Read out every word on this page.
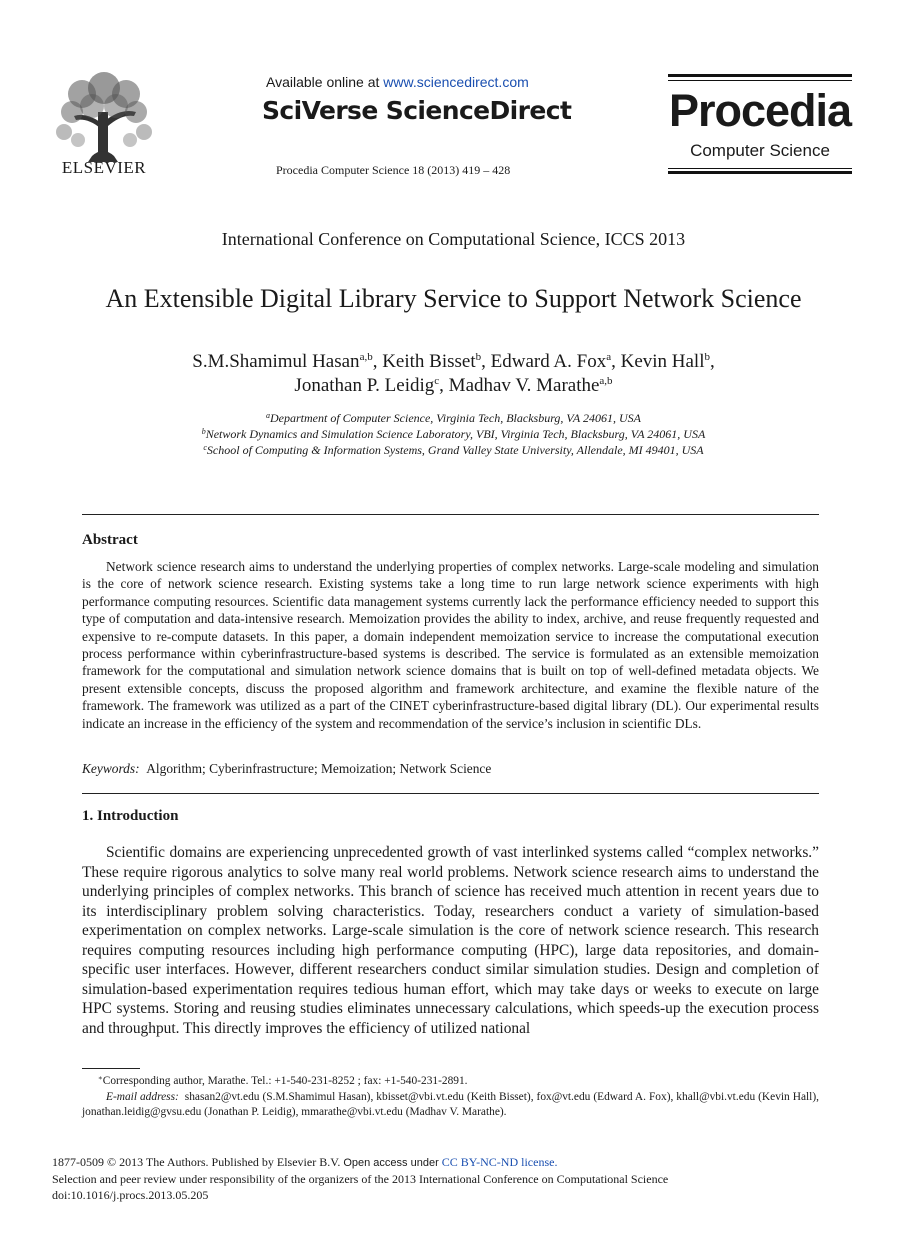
ELSEVIER
Available online at www.sciencedirect.com
SciVerse ScienceDirect
Procedia Computer Science 18 (2013) 419 – 428
Procedia
Computer Science
International Conference on Computational Science, ICCS 2013
An Extensible Digital Library Service to Support Network Science
S.M.Shamimul Hasan$^{a,b}$, Keith Bisset$^b$, Edward A. Fox$^a$, Kevin Hall$^b$,
Jonathan P. Leidig$^c$, Madhav V. Marathe$^{a,b}$
$^a$Department of Computer Science, Virginia Tech, Blacksburg, VA 24061, USA
$^b$Network Dynamics and Simulation Science Laboratory, VBI, Virginia Tech, Blacksburg, VA 24061, USA
$^c$School of Computing & Information Systems, Grand Valley State University, Allendale, MI 49401, USA
Abstract
Network science research aims to understand the underlying properties of complex networks. Large-scale modeling and simulation is the core of network science research. Existing systems take a long time to run large network science experiments with high performance computing resources. Scientific data management systems currently lack the performance efficiency needed to support this type of computation and data-intensive research. Memoization provides the ability to index, archive, and reuse frequently requested and expensive to re-compute datasets. In this paper, a domain independent memoization service to increase the computational execution process performance within cyberinfrastructure-based systems is described. The service is formulated as an extensible memoization framework for the computational and simulation network science domains that is built on top of well-defined metadata objects. We present extensible concepts, discuss the proposed algorithm and framework architecture, and examine the flexible nature of the framework. The framework was utilized as a part of the CINET cyberinfrastructure-based digital library (DL). Our experimental results indicate an increase in the efficiency of the system and recommendation of the service’s inclusion in scientific DLs.
Keywords: Algorithm; Cyberinfrastructure; Memoization; Network Science
1. Introduction
Scientific domains are experiencing unprecedented growth of vast interlinked systems called “complex networks.” These require rigorous analytics to solve many real world problems. Network science research aims to understand the underlying principles of complex networks. This branch of science has received much attention in recent years due to its interdisciplinary problem solving characteristics. Today, researchers conduct a variety of simulation-based experimentation on complex networks. Large-scale simulation is the core of network science research. This research requires computing resources including high performance computing (HPC), large data repositories, and domain-specific user interfaces. However, different researchers conduct similar simulation studies. Design and completion of simulation-based experimentation requires tedious human effort, which may take days or weeks to execute on large HPC systems. Storing and reusing studies eliminates unnecessary calculations, which speeds-up the execution process and throughput. This directly improves the efficiency of utilized national
∗Corresponding author, Marathe. Tel.: +1-540-231-8252 ; fax: +1-540-231-2891.
E-mail address: shasan2@vt.edu (S.M.Shamimul Hasan), kbisset@vbi.vt.edu (Keith Bisset), fox@vt.edu (Edward A. Fox), khall@vbi.vt.edu (Kevin Hall), jonathan.leidig@gvsu.edu (Jonathan P. Leidig), mmarathe@vbi.vt.edu (Madhav V. Marathe).
1877-0509 © 2013 The Authors. Published by Elsevier B.V. Open access under CC BY-NC-ND license.
Selection and peer review under responsibility of the organizers of the 2013 International Conference on Computational Science
doi:10.1016/j.procs.2013.05.205
